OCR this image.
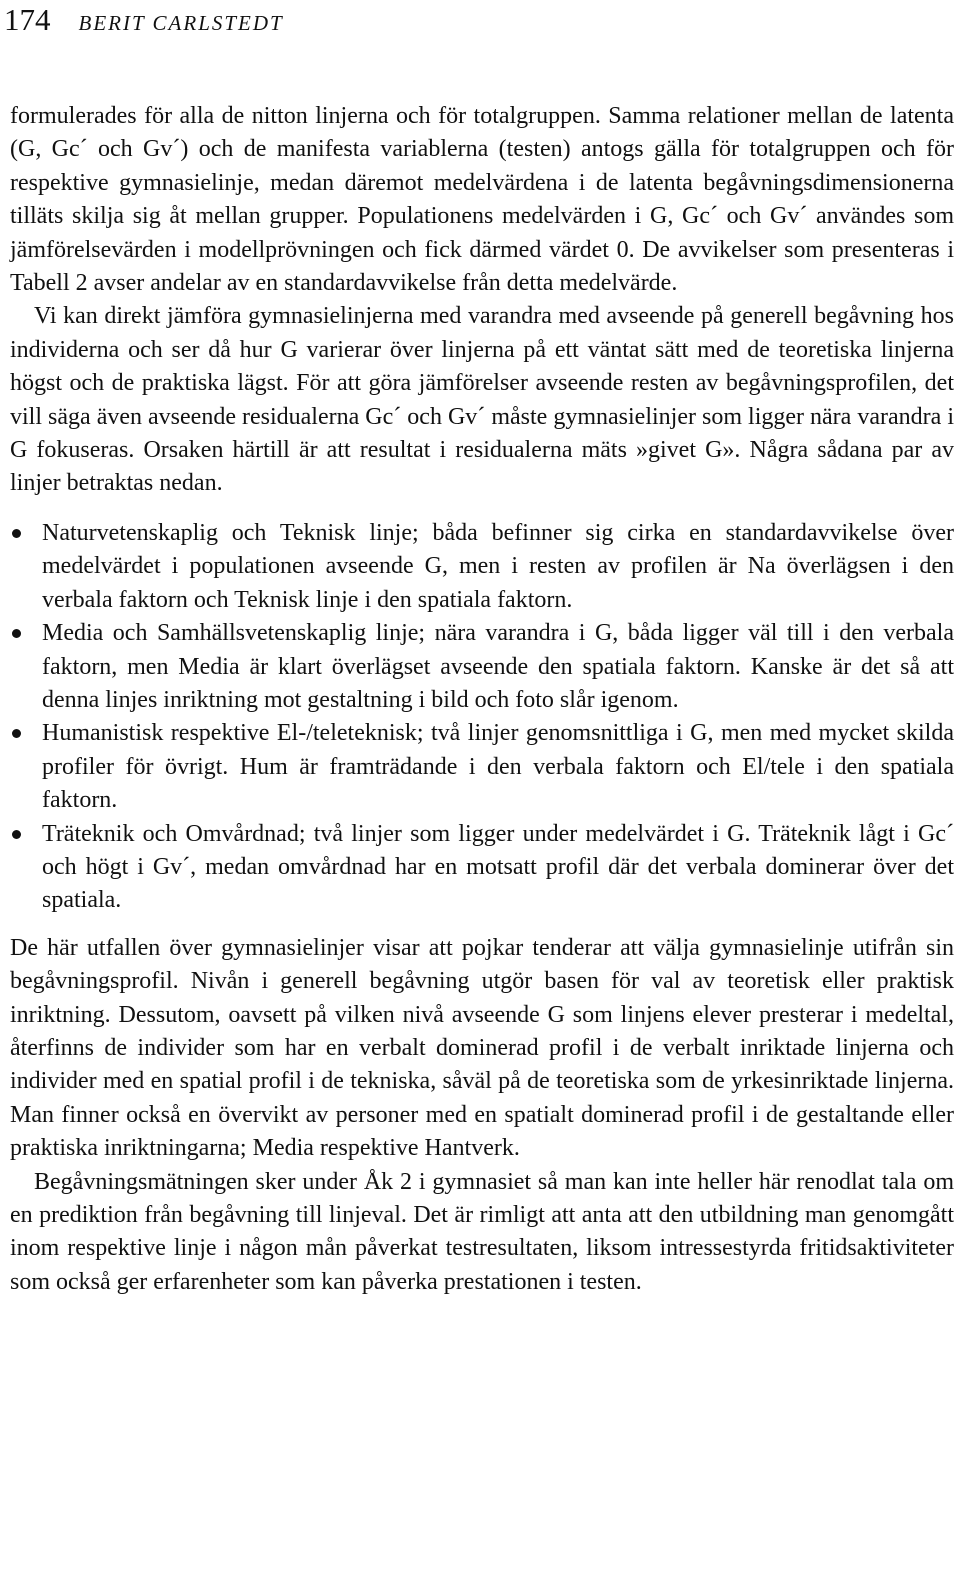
174 BERIT CARLSTEDT

formulerades för alla de nitton linjerna och för totalgruppen. Samma relationer mellan de latenta (G, Gc´ och Gv´) och de manifesta variablerna (testen) antogs gälla för totalgruppen och för respektive gymnasielinje, medan däremot medelvärdena i de latenta begåvningsdimensionerna tilläts skilja sig åt mellan grupper. Populationens medelvärden i G, Gc´ och Gv´ användes som jämförelsevärden i modellprövningen och fick därmed värdet 0. De avvikelser som presenteras i Tabell 2 avser andelar av en standardavvikelse från detta medelvärde.

Vi kan direkt jämföra gymnasielinjerna med varandra med avseende på generell begåvning hos individerna och ser då hur G varierar över linjerna på ett väntat sätt med de teoretiska linjerna högst och de praktiska lägst. För att göra jämförelser avseende resten av begåvningsprofilen, det vill säga även avseende residualerna Gc´ och Gv´ måste gymnasielinjer som ligger nära varandra i G fokuseras. Orsaken härtill är att resultat i residualerna mäts »givet G». Några sådana par av linjer betraktas nedan.

Naturvetenskaplig och Teknisk linje; båda befinner sig cirka en standardavvikelse över medelvärdet i populationen avseende G, men i resten av profilen är Na överlägsen i den verbala faktorn och Teknisk linje i den spatiala faktorn.
Media och Samhällsvetenskaplig linje; nära varandra i G, båda ligger väl till i den verbala faktorn, men Media är klart överlägset avseende den spatiala faktorn. Kanske är det så att denna linjes inriktning mot gestaltning i bild och foto slår igenom.
Humanistisk respektive El-/teleteknisk; två linjer genomsnittliga i G, men med mycket skilda profiler för övrigt. Hum är framträdande i den verbala faktorn och El/tele i den spatiala faktorn.
Träteknik och Omvårdnad; två linjer som ligger under medelvärdet i G. Träteknik lågt i Gc´ och högt i Gv´, medan omvårdnad har en motsatt profil där det verbala dominerar över det spatiala.

De här utfallen över gymnasielinjer visar att pojkar tenderar att välja gymnasielinje utifrån sin begåvningsprofil. Nivån i generell begåvning utgör basen för val av teoretisk eller praktisk inriktning. Dessutom, oavsett på vilken nivå avseende G som linjens elever presterar i medeltal, återfinns de individer som har en verbalt dominerad profil i de verbalt inriktade linjerna och individer med en spatial profil i de tekniska, såväl på de teoretiska som de yrkesinriktade linjerna. Man finner också en övervikt av personer med en spatialt dominerad profil i de gestaltande eller praktiska inriktningarna; Media respektive Hantverk.

Begåvningsmätningen sker under Åk 2 i gymnasiet så man kan inte heller här renodlat tala om en prediktion från begåvning till linjeval. Det är rimligt att anta att den utbildning man genomgått inom respektive linje i någon mån påverkat testresultaten, liksom intressestyrda fritidsaktiviteter som också ger erfarenheter som kan påverka prestationen i testen.
